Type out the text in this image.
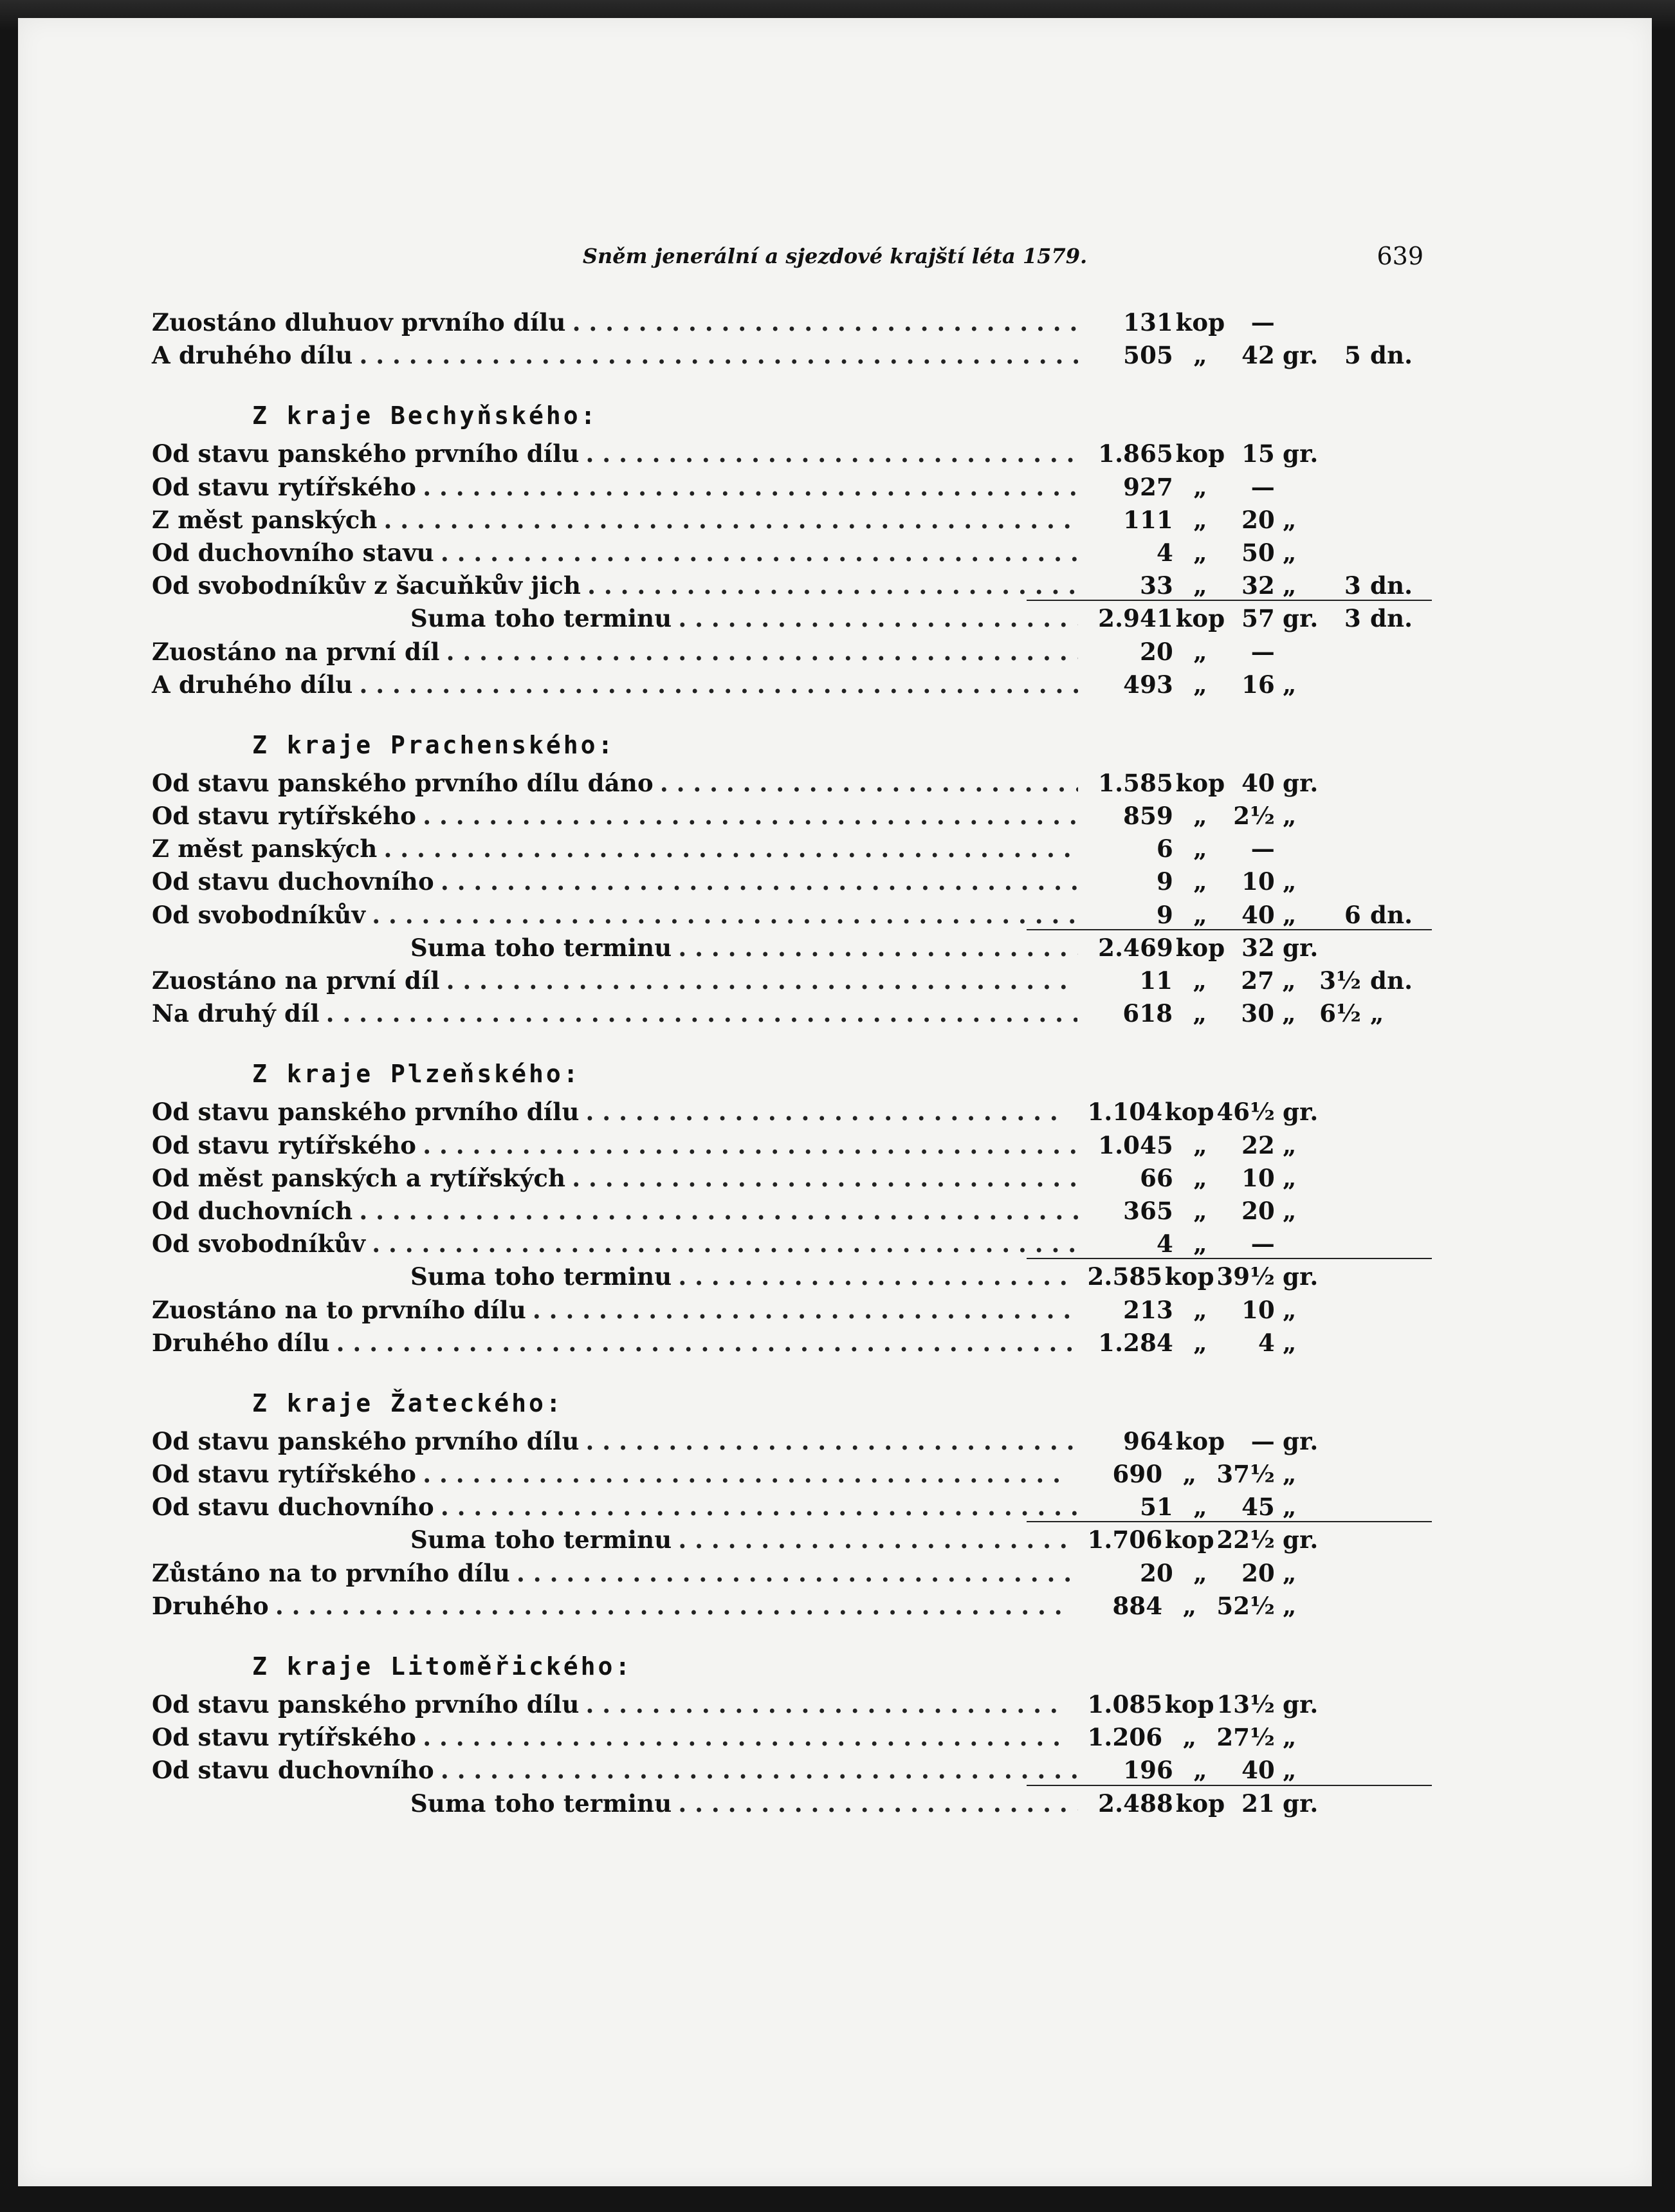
Sněm jenerální a sjezdové krajští léta 1579.	639
Zuostáno dluhuov prvního dílu . . .	131 kop	—
A druhého dílu . . .	505 „	42 gr.	5 dn.
Z kraje Bechyňského:
Od stavu panského prvního dílu . . .	1.865 kop 15 gr.
Od stavu rytířského . . .	927 „	—
Z měst panských . . .	111 „	20 „
Od duchovního stavu . . .	4 „	50 „
Od svobodníkův z šacuňkův jich . . .	33 „	32 „	3 dn.
Suma toho terminu . . .	2.941 kop 57 gr.	3 dn.
Zuostáno na první díl . . .	20 „	—
A druhého dílu . . .	493 „	16 „
Z kraje Prachenského:
Od stavu panského prvního dílu dáno . . .	1.585 kop 40 gr.
Od stavu rytířského . . .	859 „	2½ „
Z měst panských . . .	6 „	—
Od stavu duchovního . . .	9 „	10 „
Od svobodníkův . . .	9 „	40 „	6 dn.
Suma toho terminu . . .	2.469 kop 32 gr.
Zuostáno na první díl . . .	11 „	27 „ 3½ dn.
Na druhý díl . . .	618 „	30 „ 6½ „
Z kraje Plzeňského:
Od stavu panského prvního dílu . . .	1.104 kop 46½ gr.
Od stavu rytířského . . .	1.045 „	22 „
Od měst panských a rytířských . . .	66 „	10 „
Od duchovních . . .	365 „	20 „
Od svobodníkův . . .	4 „	—
Suma toho terminu . . .	2.585 kop 39½ gr.
Zuostáno na to prvního dílu . . .	213 „	10 „
Druhého dílu . . .	1.284 „	4 „
Z kraje Žateckého:
Od stavu panského prvního dílu . . .	964 kop	— gr.
Od stavu rytířského . . .	690 „ 37½ „
Od stavu duchovního . . .	51 „	45 „
Suma toho terminu . . .	1.706 kop 22½ gr.
Zůstáno na to prvního dílu . . .	20 „	20 „
Druhého . . .	884 „ 52½ „
Z kraje Litoměřického:
Od stavu panského prvního dílu . . .	1.085 kop 13½ gr.
Od stavu rytířského . . .	1.206 „ 27½ „
Od stavu duchovního . . .	196 „	40 „
Suma toho terminu . . .	2.488 kop 21 gr.
